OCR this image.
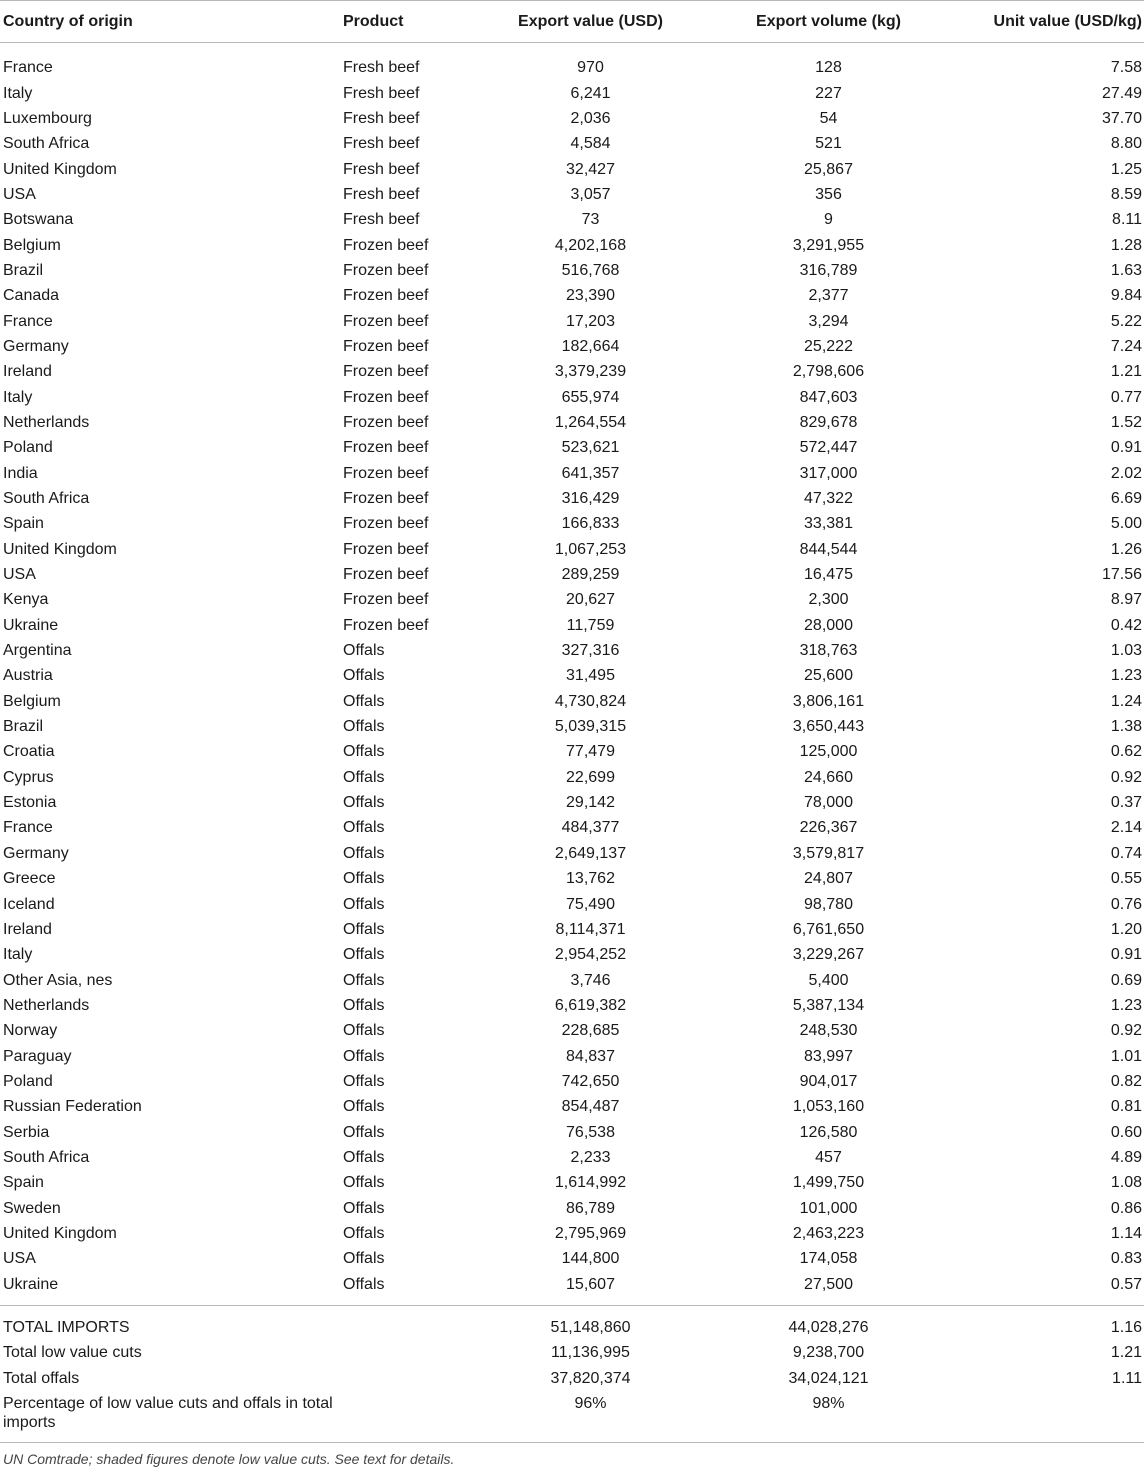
Country of origin	Product	Export value (USD)	Export volume (kg)	Unit value (USD/kg)
France	Fresh beef	970	128	7.58
Italy	Fresh beef	6,241	227	27.49
Luxembourg	Fresh beef	2,036	54	37.70
South Africa	Fresh beef	4,584	521	8.80
United Kingdom	Fresh beef	32,427	25,867	1.25
USA	Fresh beef	3,057	356	8.59
Botswana	Fresh beef	73	9	8.11
Belgium	Frozen beef	4,202,168	3,291,955	1.28
Brazil	Frozen beef	516,768	316,789	1.63
Canada	Frozen beef	23,390	2,377	9.84
France	Frozen beef	17,203	3,294	5.22
Germany	Frozen beef	182,664	25,222	7.24
Ireland	Frozen beef	3,379,239	2,798,606	1.21
Italy	Frozen beef	655,974	847,603	0.77
Netherlands	Frozen beef	1,264,554	829,678	1.52
Poland	Frozen beef	523,621	572,447	0.91
India	Frozen beef	641,357	317,000	2.02
South Africa	Frozen beef	316,429	47,322	6.69
Spain	Frozen beef	166,833	33,381	5.00
United Kingdom	Frozen beef	1,067,253	844,544	1.26
USA	Frozen beef	289,259	16,475	17.56
Kenya	Frozen beef	20,627	2,300	8.97
Ukraine	Frozen beef	11,759	28,000	0.42
Argentina	Offals	327,316	318,763	1.03
Austria	Offals	31,495	25,600	1.23
Belgium	Offals	4,730,824	3,806,161	1.24
Brazil	Offals	5,039,315	3,650,443	1.38
Croatia	Offals	77,479	125,000	0.62
Cyprus	Offals	22,699	24,660	0.92
Estonia	Offals	29,142	78,000	0.37
France	Offals	484,377	226,367	2.14
Germany	Offals	2,649,137	3,579,817	0.74
Greece	Offals	13,762	24,807	0.55
Iceland	Offals	75,490	98,780	0.76
Ireland	Offals	8,114,371	6,761,650	1.20
Italy	Offals	2,954,252	3,229,267	0.91
Other Asia, nes	Offals	3,746	5,400	0.69
Netherlands	Offals	6,619,382	5,387,134	1.23
Norway	Offals	228,685	248,530	0.92
Paraguay	Offals	84,837	83,997	1.01
Poland	Offals	742,650	904,017	0.82
Russian Federation	Offals	854,487	1,053,160	0.81
Serbia	Offals	76,538	126,580	0.60
South Africa	Offals	2,233	457	4.89
Spain	Offals	1,614,992	1,499,750	1.08
Sweden	Offals	86,789	101,000	0.86
United Kingdom	Offals	2,795,969	2,463,223	1.14
USA	Offals	144,800	174,058	0.83
Ukraine	Offals	15,607	27,500	0.57
TOTAL IMPORTS		51,148,860	44,028,276	1.16
Total low value cuts		11,136,995	9,238,700	1.21
Total offals		37,820,374	34,024,121	1.11
Percentage of low value cuts and offals in total imports		96%	98%	
UN Comtrade; shaded figures denote low value cuts. See text for details.				
